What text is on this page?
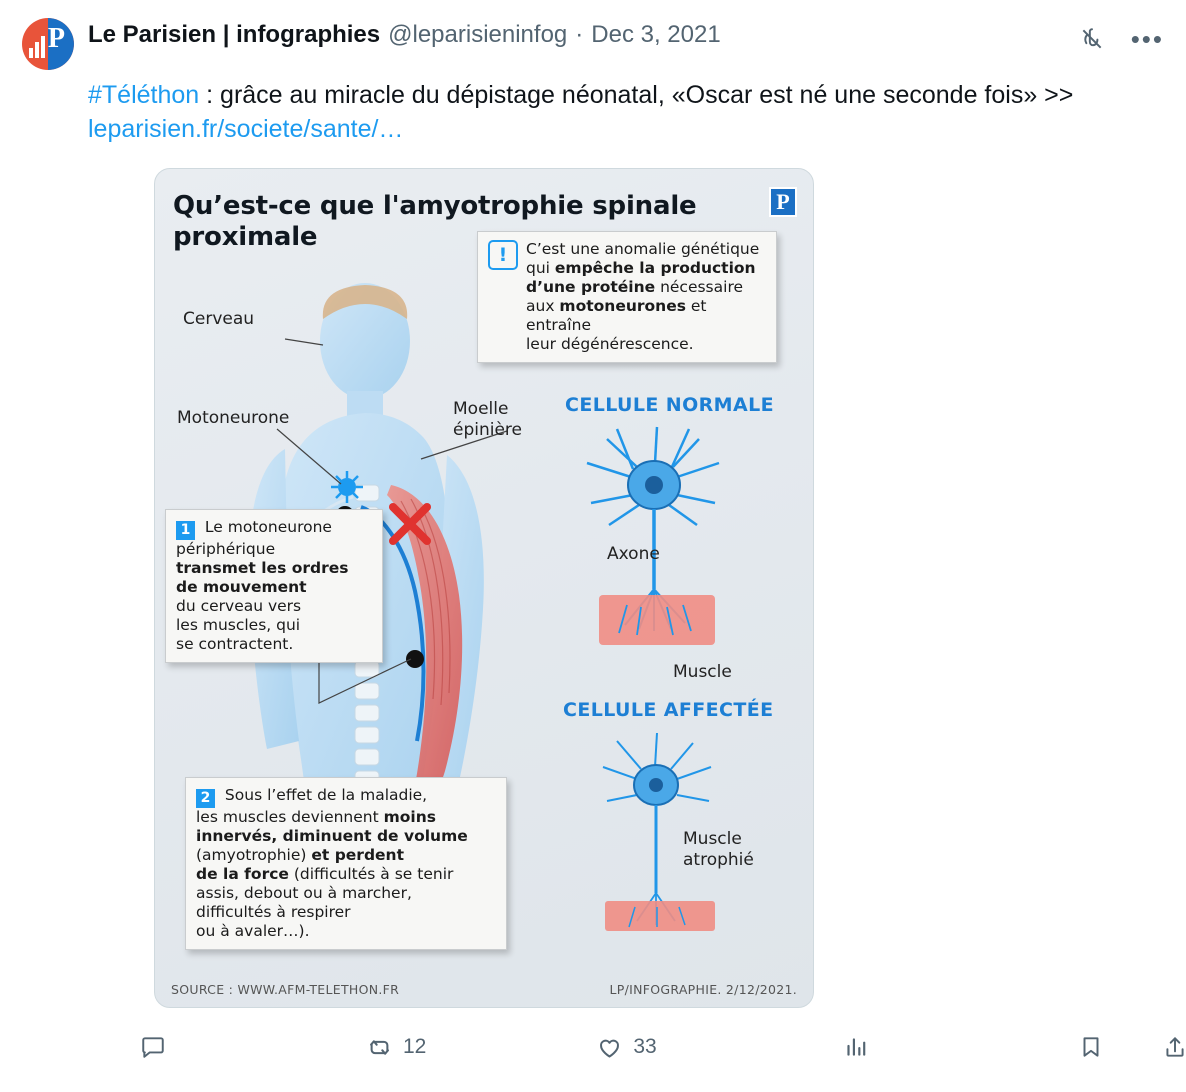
P Le Parisien | infographies @leparisieninfog · Dec 3, 2021	•••
#Téléthon : grâce au miracle du dépistage néonatal, «Oscar est né une seconde fois» >> leparisien.fr/societe/sante/…
Qu’est-ce que l'amyotrophie spinale proximale
P
Cerveau
Motoneurone	Moelle
épinière
Axone
Muscle
Muscle
atrophié
CELLULE NORMALE
CELLULE AFFECTÉE
!	C’est une anomalie génétique
qui empêche la production
d’une protéine nécessaire
aux motoneurones et entraîne
leur dégénérescence.
1 Le motoneurone
périphérique
transmet les ordres
de mouvement
du cerveau vers
les muscles, qui
se contractent.
2 Sous l’effet de la maladie,
les muscles deviennent moins
innervés, diminuent de volume
(amyotrophie) et perdent
de la force (difficultés à se tenir
assis, debout ou à marcher,
difficultés à respirer
ou à avaler…).
SOURCE : WWW.AFM-TELETHON.FR	LP/INFOGRAPHIE. 2/12/2021.
12	33
